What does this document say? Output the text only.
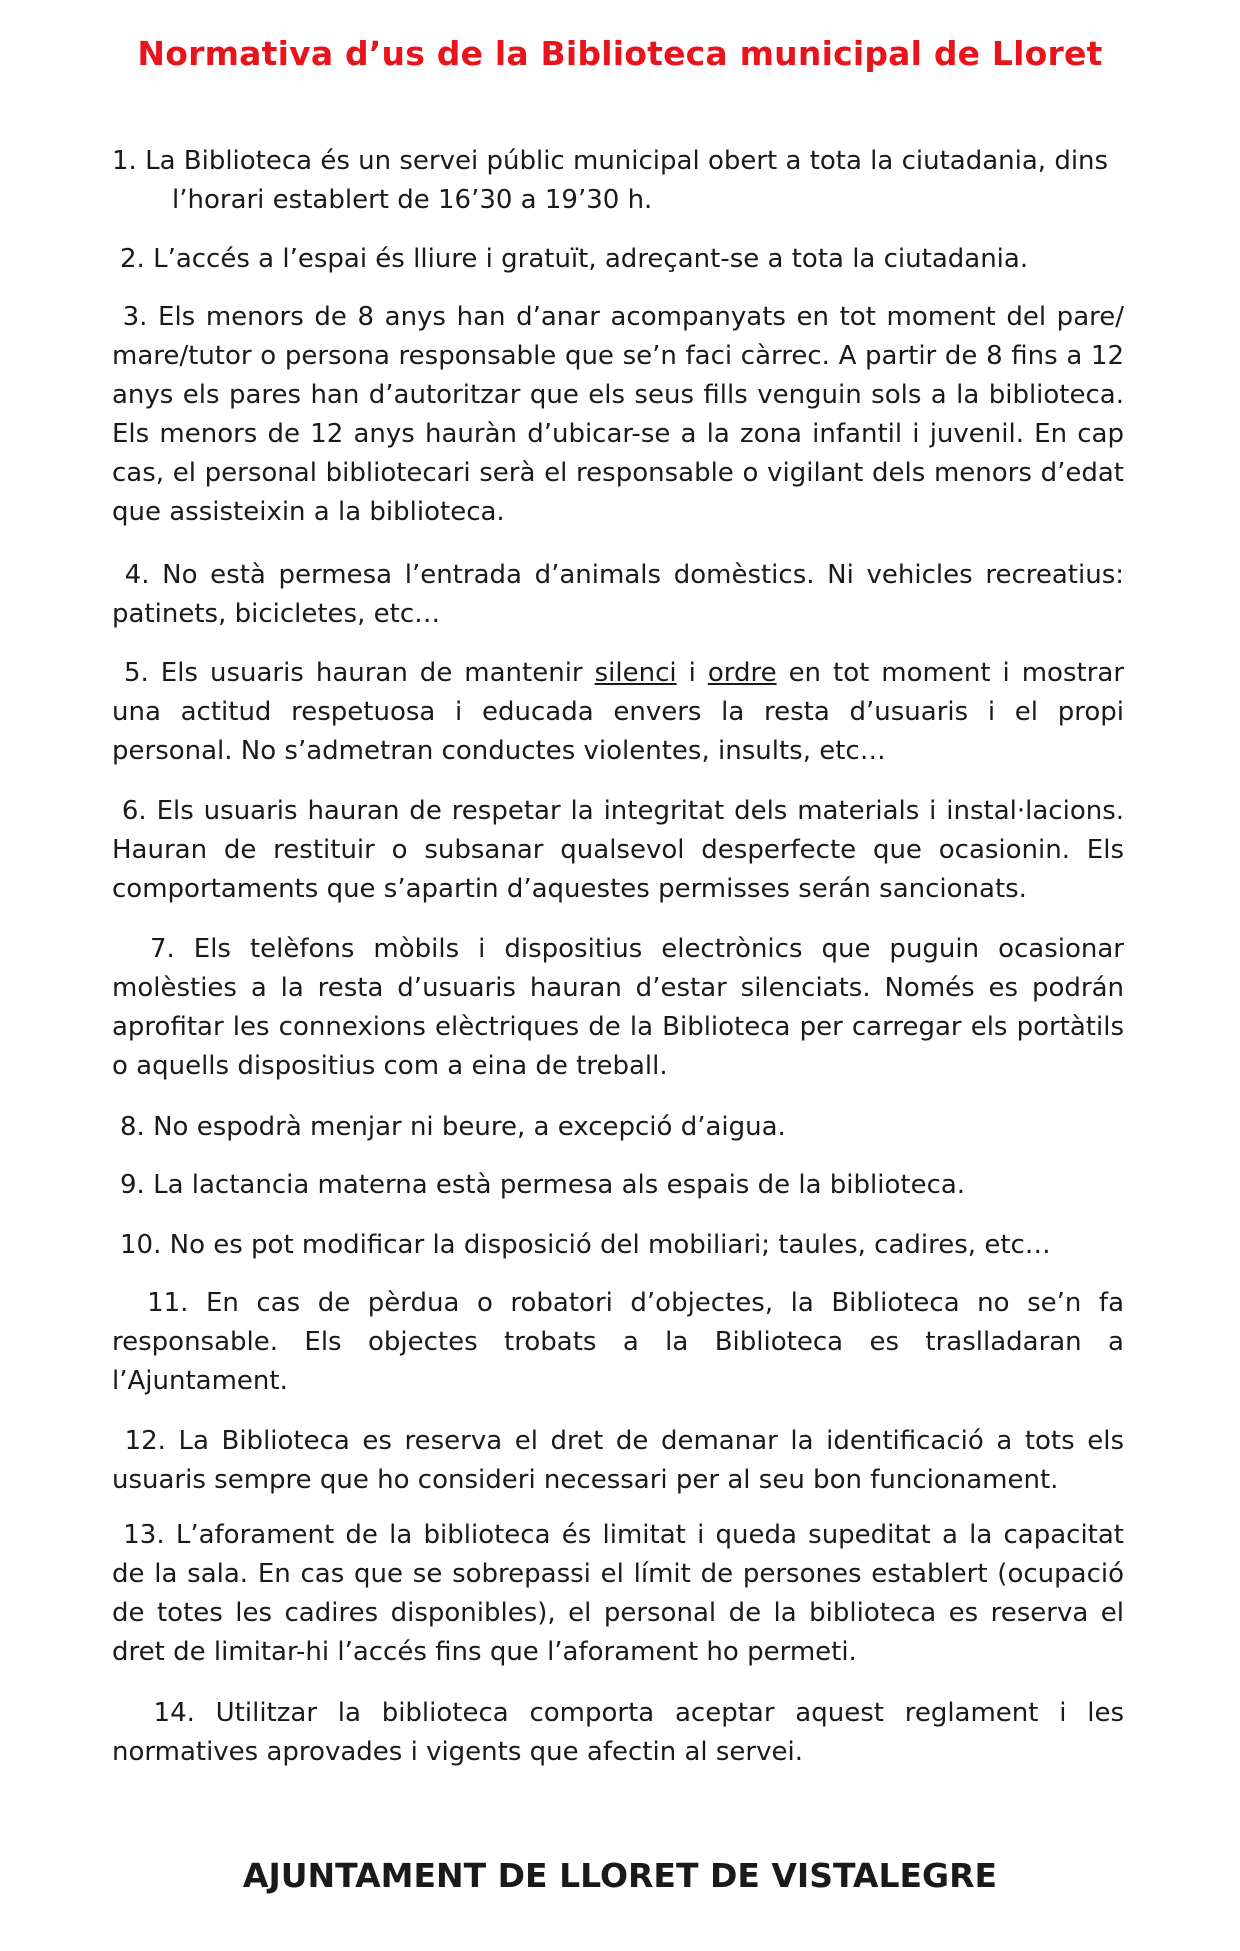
Normativa d’us de la Biblioteca municipal de Lloret

1. La Biblioteca és un servei públic municipal obert a tota la ciutadania, dins
l’horari establert de 16’30 a 19’30 h.

2. L’accés a l’espai és lliure i gratuït, adreçant-se a tota la ciutadania.

3. Els menors de 8 anys han d’anar acompanyats en tot moment del pare/ mare/tutor o persona responsable que se’n faci càrrec. A partir de 8 fins a 12 anys els pares han d’autoritzar que els seus fills venguin sols a la biblioteca. Els menors de 12 anys hauràn d’ubicar-se a la zona infantil i juvenil. En cap cas, el personal bibliotecari serà el responsable o vigilant dels menors d’edat que assisteixin a la biblioteca.

4. No està permesa l’entrada d’animals domèstics. Ni vehicles recreatius: patinets, bicicletes, etc…

5. Els usuaris hauran de mantenir silenci i ordre en tot moment i mostrar una actitud respetuosa i educada envers la resta d’usuaris i el propi personal. No s’admetran conductes violentes, insults, etc…

6. Els usuaris hauran de respetar la integritat dels materials i instal·lacions. Hauran de restituir o subsanar qualsevol desperfecte que ocasionin. Els comportaments que s’apartin d’aquestes permisses serán sancionats.

7. Els telèfons mòbils i dispositius electrònics que puguin ocasionar molèsties a la resta d’usuaris hauran d’estar silenciats. Només es podrán aprofitar les connexions elèctriques de la Biblioteca per carregar els portàtils o aquells dispositius com a eina de treball.

8. No espodrà menjar ni beure, a excepció d’aigua.

9. La lactancia materna està permesa als espais de la biblioteca.

10. No es pot modificar la disposició del mobiliari; taules, cadires, etc…

11. En cas de pèrdua o robatori d’objectes, la Biblioteca no se’n fa responsable. Els objectes trobats a la Biblioteca es traslladaran a l’Ajuntament.

12. La Biblioteca es reserva el dret de demanar la identificació a tots els usuaris sempre que ho consideri necessari per al seu bon funcionament.

13. L’aforament de la biblioteca és limitat i queda supeditat a la capacitat de la sala. En cas que se sobrepassi el límit de persones establert (ocupació de totes les cadires disponibles), el personal de la biblioteca es reserva el dret de limitar-hi l’accés fins que l’aforament ho permeti.

14. Utilitzar la biblioteca comporta aceptar aquest reglament i les normatives aprovades i vigents que afectin al servei.

AJUNTAMENT DE LLORET DE VISTALEGRE
